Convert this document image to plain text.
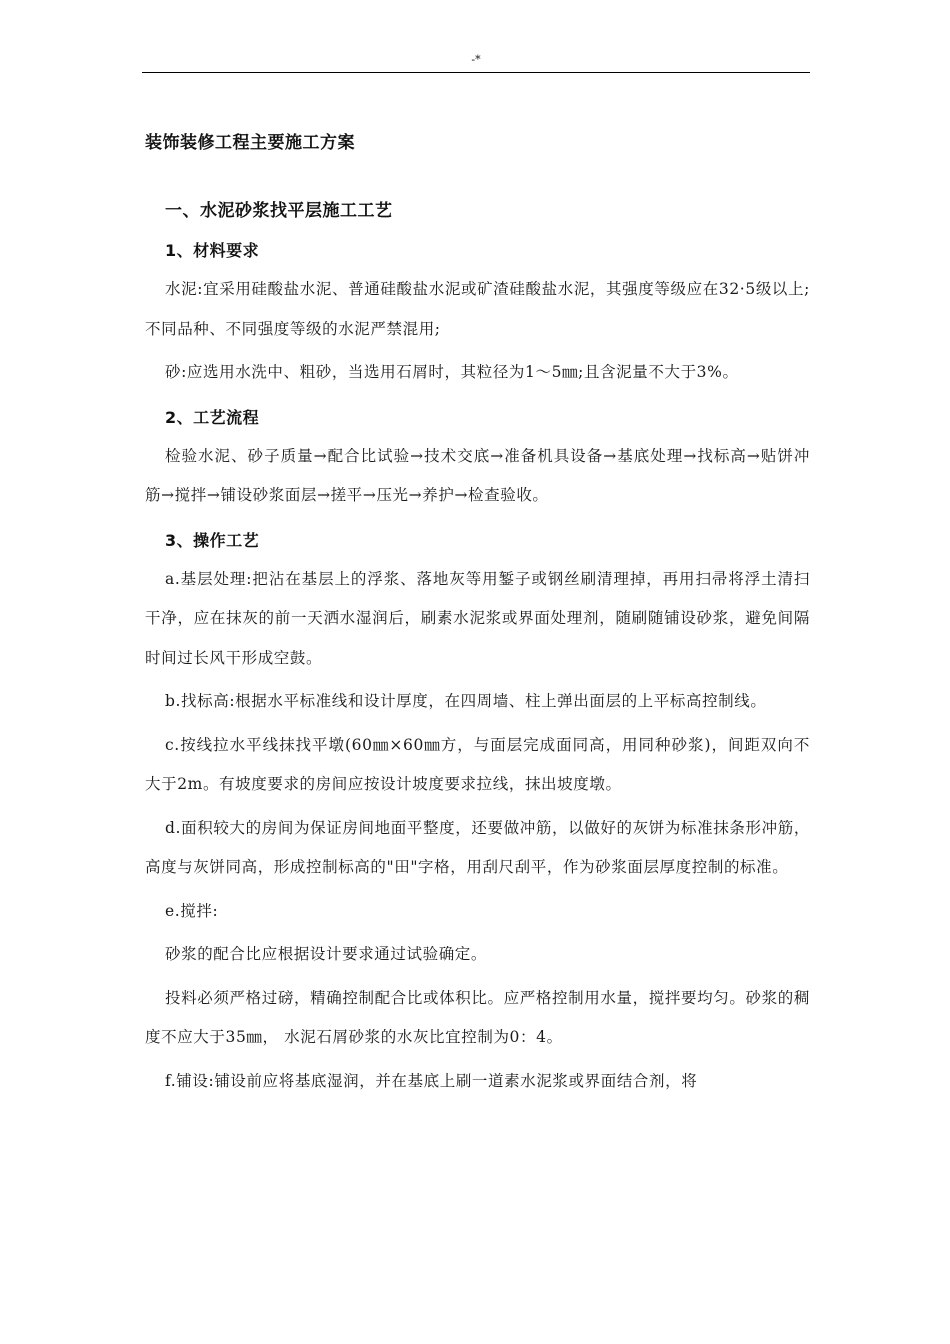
-*
装饰装修工程主要施工方案
一、水泥砂浆找平层施工工艺
1、材料要求

水泥:宜采用硅酸盐水泥、普通硅酸盐水泥或矿渣硅酸盐水泥，其强度等级应在32·5级以上;不同品种、不同强度等级的水泥严禁混用;

砂:应选用水洗中、粗砂，当选用石屑时，其粒径为1～5㎜;且含泥量不大于3%。

2、工艺流程

检验水泥、砂子质量→配合比试验→技术交底→准备机具设备→基底处理→找标高→贴饼冲筋→搅拌→铺设砂浆面层→搓平→压光→养护→检查验收。

3、操作工艺

a.基层处理:把沾在基层上的浮浆、落地灰等用錾子或钢丝刷清理掉，再用扫帚将浮土清扫干净，应在抹灰的前一天洒水湿润后，刷素水泥浆或界面处理剂，随刷随铺设砂浆，避免间隔时间过长风干形成空鼓。

b.找标高:根据水平标准线和设计厚度，在四周墙、柱上弹出面层的上平标高控制线。

c.按线拉水平线抹找平墩(60㎜×60㎜方，与面层完成面同高，用同种砂浆)，间距双向不大于2m。有坡度要求的房间应按设计坡度要求拉线，抹出坡度墩。

d.面积较大的房间为保证房间地面平整度，还要做冲筋，以做好的灰饼为标准抹条形冲筋，高度与灰饼同高，形成控制标高的"田"字格，用刮尺刮平，作为砂浆面层厚度控制的标准。

e.搅拌:

砂浆的配合比应根据设计要求通过试验确定。

投料必须严格过磅，精确控制配合比或体积比。应严格控制用水量，搅拌要均匀。砂浆的稠度不应大于35㎜， 水泥石屑砂浆的水灰比宜控制为0：4。

f.铺设:铺设前应将基底湿润，并在基底上刷一道素水泥浆或界面结合剂，将
